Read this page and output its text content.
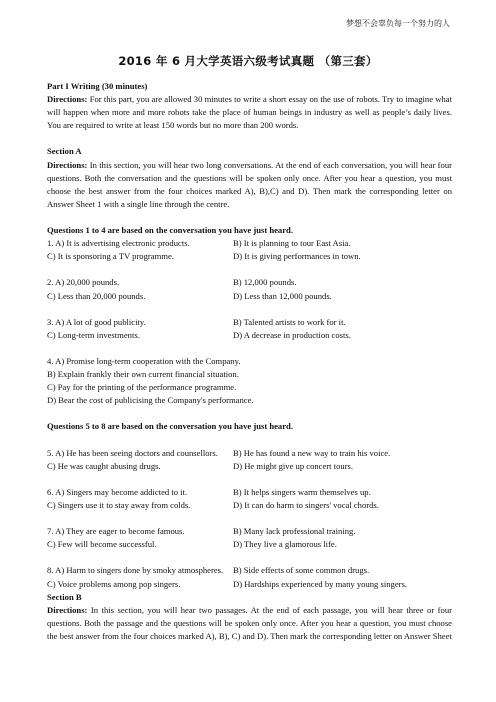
梦想不会辜负每一个努力的人
2016 年 6 月大学英语六级考试真题 （第三套）

Part I Writing (30 minutes)

Directions: For this part, you are allowed 30 minutes to write a short essay on the use of robots. Try to imagine what will happen when more and more robots take the place of human beings in industry as well as people’s daily lives. You are required to write at least 150 words but no more than 200 words.

Section A

Directions: In this section, you will hear two long conversations. At the end of each conversation, you will hear four questions. Both the conversation and the questions will be spoken only once. After you hear a question, you must choose the best answer from the four choices marked A), B),C) and D). Then mark the corresponding letter on Answer Sheet 1 with a single line through the centre.

Questions 1 to 4 are based on the conversation you have just heard.

1. A) It is advertising electronic products.	B) It is planning to tour East Asia.
C) It is sponsoring a TV programme.	D) It is giving performances in town.
2. A) 20,000 pounds.	B) 12,000 pounds.
C) Less than 20,000 pounds.	D) Less than 12,000 pounds.
3. A) A lot of good publicity.	B) Talented artists to work for it.
C) Long-term investments.	D) A decrease in production costs.

4. A) Promise long-term cooperation with the Company.

B) Explain frankly their own current financial situation.

C) Pay for the printing of the performance programme.

D) Bear the cost of publicising the Company's performance.

Questions 5 to 8 are based on the conversation you have just heard.

5. A) He has been seeing doctors and counsellors.	B) He has found a new way to train his voice.
C) He was caught abusing drugs.	D) He might give up concert tours.
6. A) Singers may become addicted to it.	B) It helps singers warm themselves up.
C) Singers use it to stay away from colds.	D) It can do harm to singers' vocal chords.
7. A) They are eager to become famous.	B) Many lack professional training.
C) Few will become successful.	D) They live a glamorous life.
8. A) Harm to singers done by smoky atmospheres.	B) Side effects of some common drugs.
C) Voice problems among pop singers.	D) Hardships experienced by many young singers.

Section B

Directions: In this section, you will hear two passages. At the end of each passage, you will hear three or four questions. Both the passage and the questions will be spoken only once. After you hear a question, you must choose the best answer from the four choices marked A), B), C) and D). Then mark the corresponding letter on Answer Sheet
